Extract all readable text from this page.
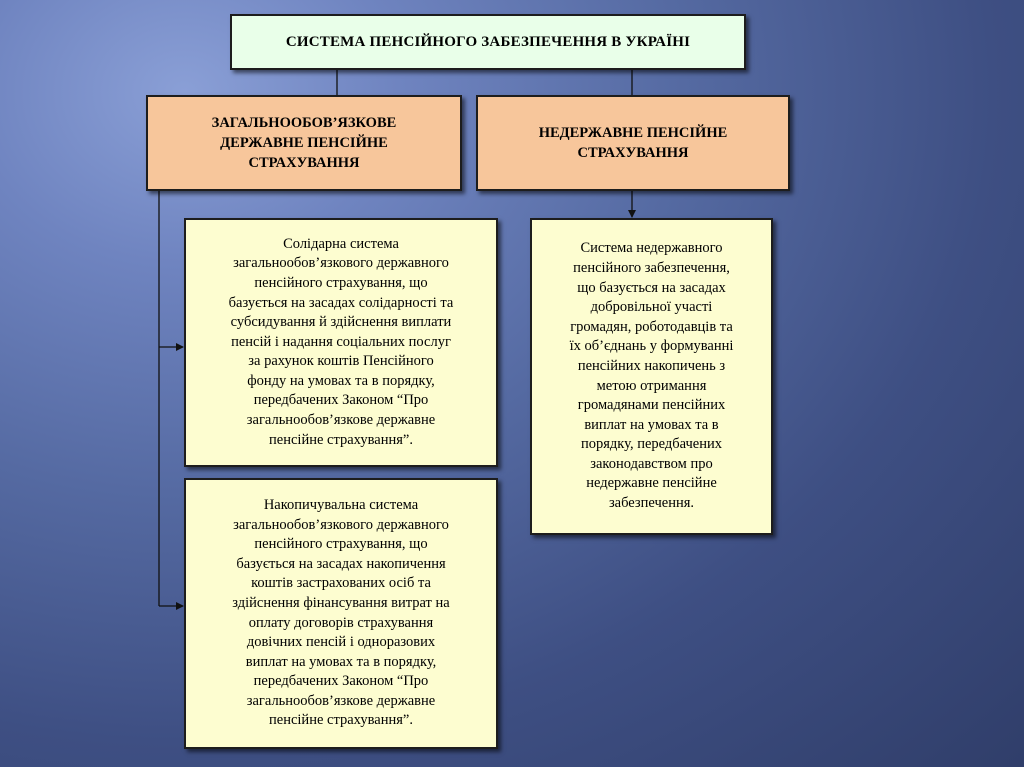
СИСТЕМА ПЕНСІЙНОГО ЗАБЕЗПЕЧЕННЯ В УКРАЇНІ
ЗАГАЛЬНООБОВ’ЯЗКОВЕ
ДЕРЖАВНЕ ПЕНСІЙНЕ
СТРАХУВАННЯ
НЕДЕРЖАВНЕ ПЕНСІЙНЕ
СТРАХУВАННЯ
Солідарна система
загальнообов’язкового державного
пенсійного страхування, що
базується на засадах солідарності та
субсидування й здійснення виплати
пенсій і надання соціальних послуг
за рахунок коштів Пенсійного
фонду на умовах та в порядку,
передбачених Законом “Про
загальнообов’язкове державне
пенсійне страхування”.
Накопичувальна система
загальнообов’язкового державного
пенсійного страхування, що
базується на засадах накопичення
коштів застрахованих осіб та
здійснення фінансування витрат на
оплату договорів страхування
довічних пенсій і одноразових
виплат на умовах та в порядку,
передбачених Законом “Про
загальнообов’язкове державне
пенсійне страхування”.
Система недержавного
пенсійного забезпечення,
що базується на засадах
добровільної участі
громадян, роботодавців та
їх об’єднань у формуванні
пенсійних накопичень з
метою отримання
громадянами пенсійних
виплат на умовах та в
порядку, передбачених
законодавством про
недержавне пенсійне
забезпечення.
